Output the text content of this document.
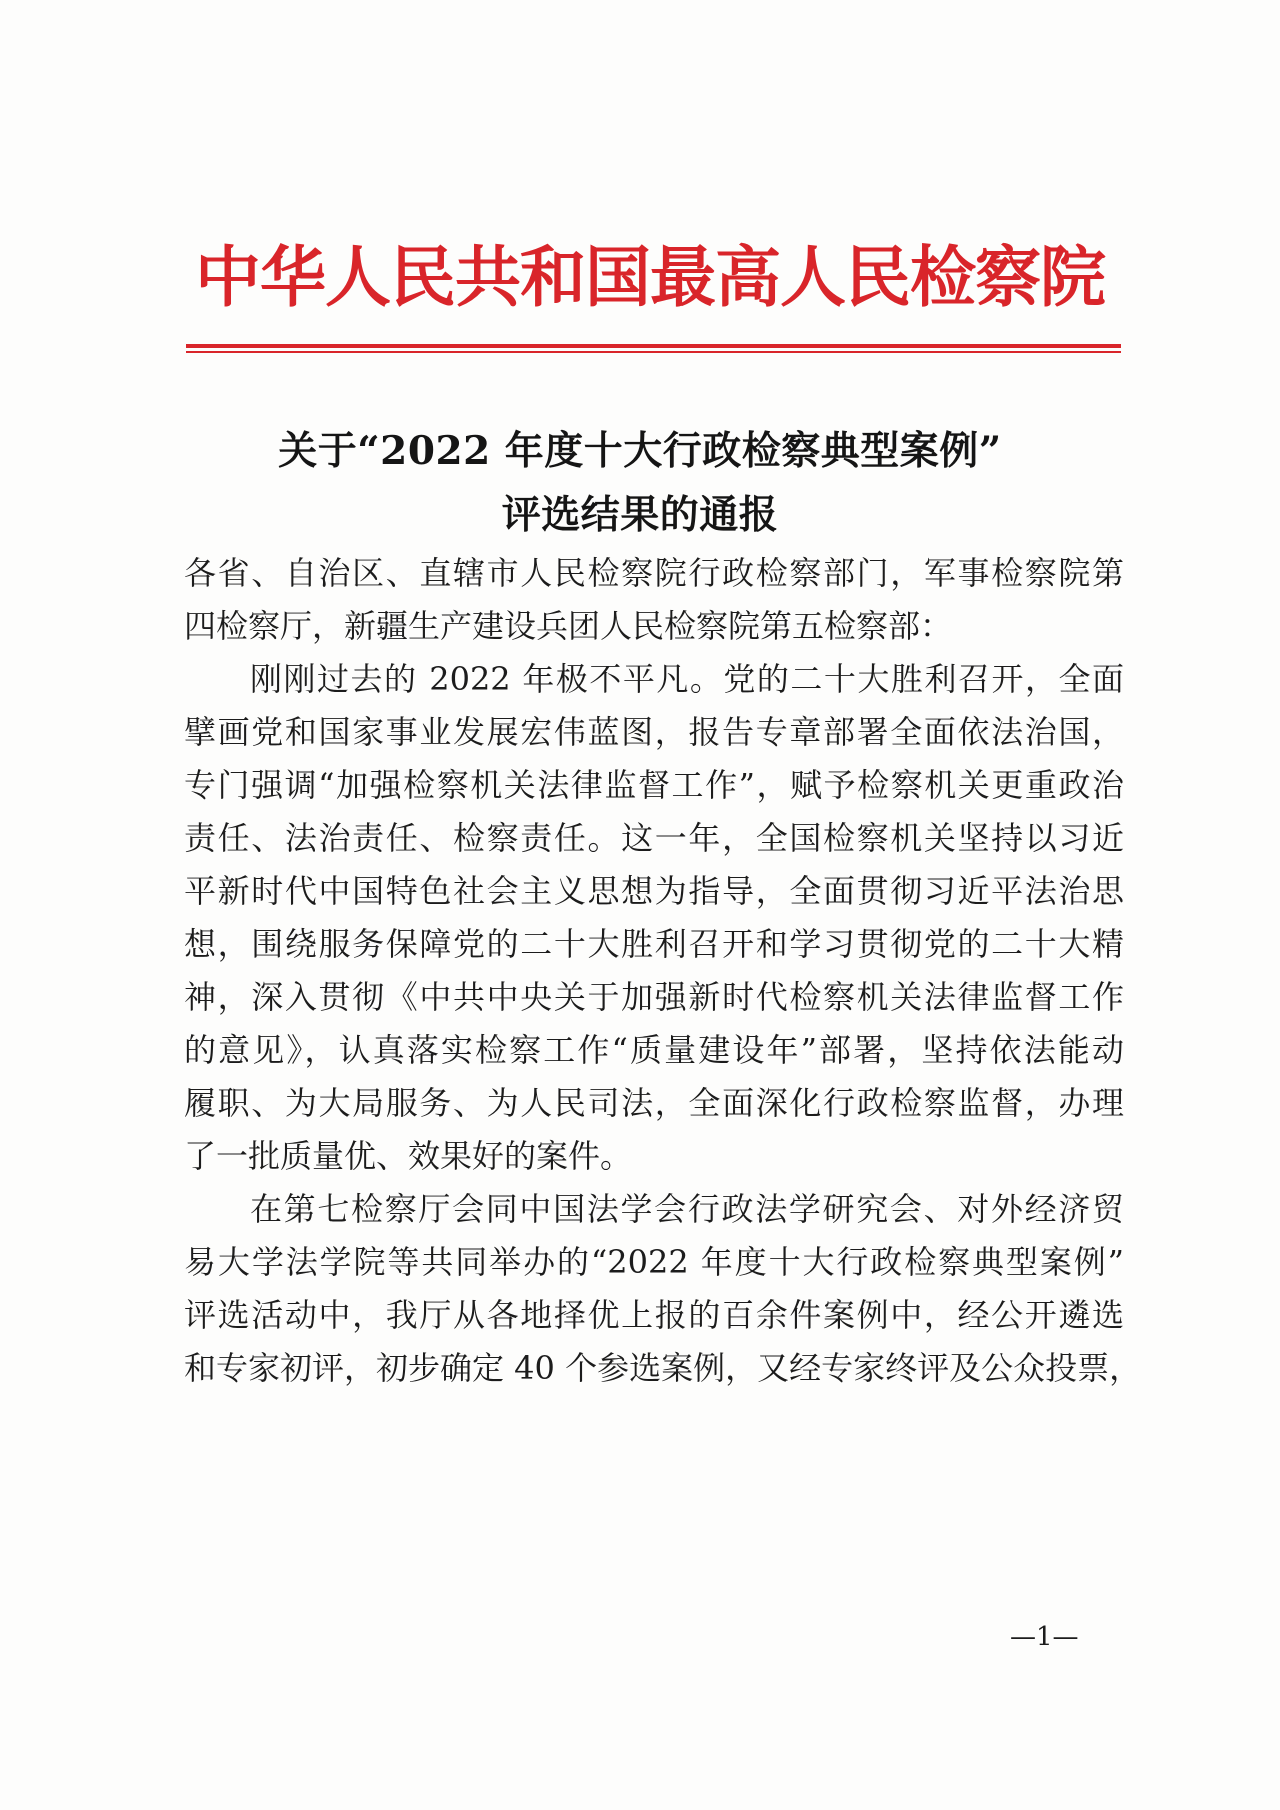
中华人民共和国最高人民检察院
关于“2022 年度十大行政检察典型案例”
评选结果的通报
各省、自治区、直辖市人民检察院行政检察部门，军事检察院第
四检察厅，新疆生产建设兵团人民检察院第五检察部：
刚刚过去的 2022 年极不平凡。党的二十大胜利召开，全面
擘画党和国家事业发展宏伟蓝图，报告专章部署全面依法治国，
专门强调“加强检察机关法律监督工作”，赋予检察机关更重政治
责任、法治责任、检察责任。这一年，全国检察机关坚持以习近
平新时代中国特色社会主义思想为指导，全面贯彻习近平法治思
想，围绕服务保障党的二十大胜利召开和学习贯彻党的二十大精
神，深入贯彻《中共中央关于加强新时代检察机关法律监督工作
的意见》，认真落实检察工作“质量建设年”部署，坚持依法能动
履职、为大局服务、为人民司法，全面深化行政检察监督，办理
了一批质量优、效果好的案件。
在第七检察厅会同中国法学会行政法学研究会、对外经济贸
易大学法学院等共同举办的“2022 年度十大行政检察典型案例”
评选活动中，我厅从各地择优上报的百余件案例中，经公开遴选
和专家初评，初步确定 40 个参选案例，又经专家终评及公众投票，
—1—
